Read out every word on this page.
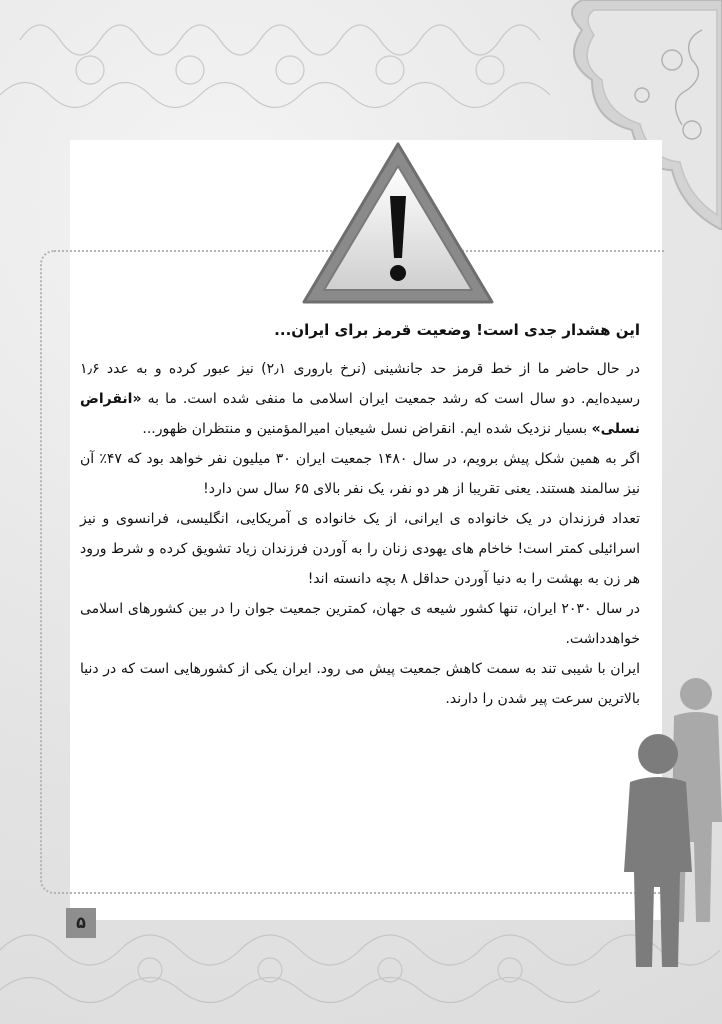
این هشدار جدی است! وضعیت قرمز برای ایران...

در حال حاضر ما از خط قرمز حد جانشینی (نرخ باروری ۲٫۱) نیز عبور کرده و به عدد ۱٫۶ رسیده‌ایم. دو سال است که رشد جمعیت ایران اسلامی ما منفی شده است. ما به «انقراض نسلی» بسیار نزدیک شده ایم. انقراض نسل شیعیان امیرالمؤمنین و منتظران ظهور...

اگر به همین شکل پیش برویم، در سال ۱۴۸۰ جمعیت ایران ۳۰ میلیون نفر خواهد بود که ۴۷٪ آن نیز سالمند هستند. یعنی تقریبا از هر دو نفر، یک نفر بالای ۶۵ سال سن دارد!

تعداد فرزندان در یک خانواده ی ایرانی، از یک خانواده ی آمریکایی، انگلیسی، فرانسوی و نیز اسرائیلی کمتر است! خاخام های یهودی زنان را به آوردن فرزندان زیاد تشویق کرده و شرط ورود هر زن به بهشت را به دنیا آوردن حداقل ۸ بچه دانسته اند!

در سال ۲۰۳۰ ایران، تنها کشور شیعه ی جهان، کمترین جمعیت جوان را در بین کشورهای اسلامی خواهدداشت.

ایران با شیبی تند به سمت کاهش جمعیت پیش می رود. ایران یکی از کشورهایی است که در دنیا بالاترین سرعت پیر شدن را دارند.

۵
